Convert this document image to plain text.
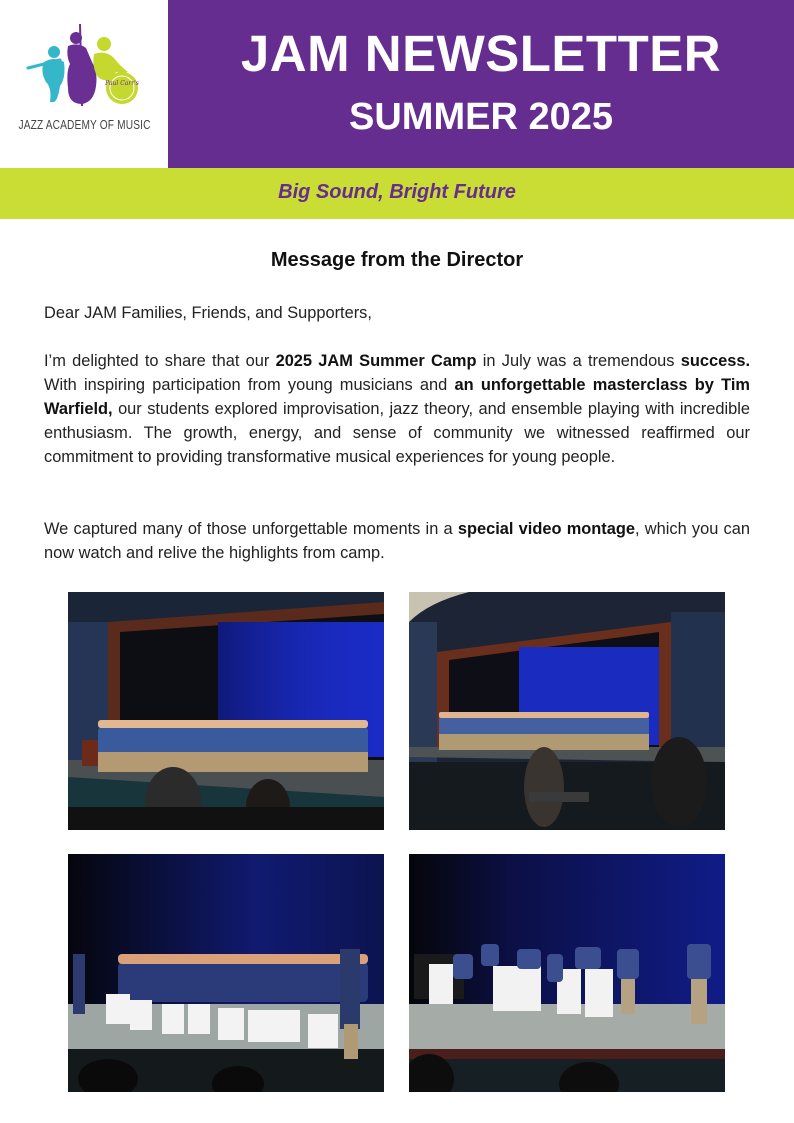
Paul Carr's
JAZZ ACADEMY OF MUSIC
JAM NEWSLETTER
SUMMER 2025
Big Sound, Bright Future
Message from the Director
Dear JAM Families, Friends, and Supporters,
I’m delighted to share that our 2025 JAM Summer Camp in July was a tremendous success. With inspiring participation from young musicians and an unforgettable masterclass by Tim Warfield, our students explored improvisation, jazz theory, and ensemble playing with incredible enthusiasm. The growth, energy, and sense of community we witnessed reaffirmed our commitment to providing transformative musical experiences for young people.
We captured many of those unforgettable moments in a special video montage, which you can now watch and relive the highlights from camp.
